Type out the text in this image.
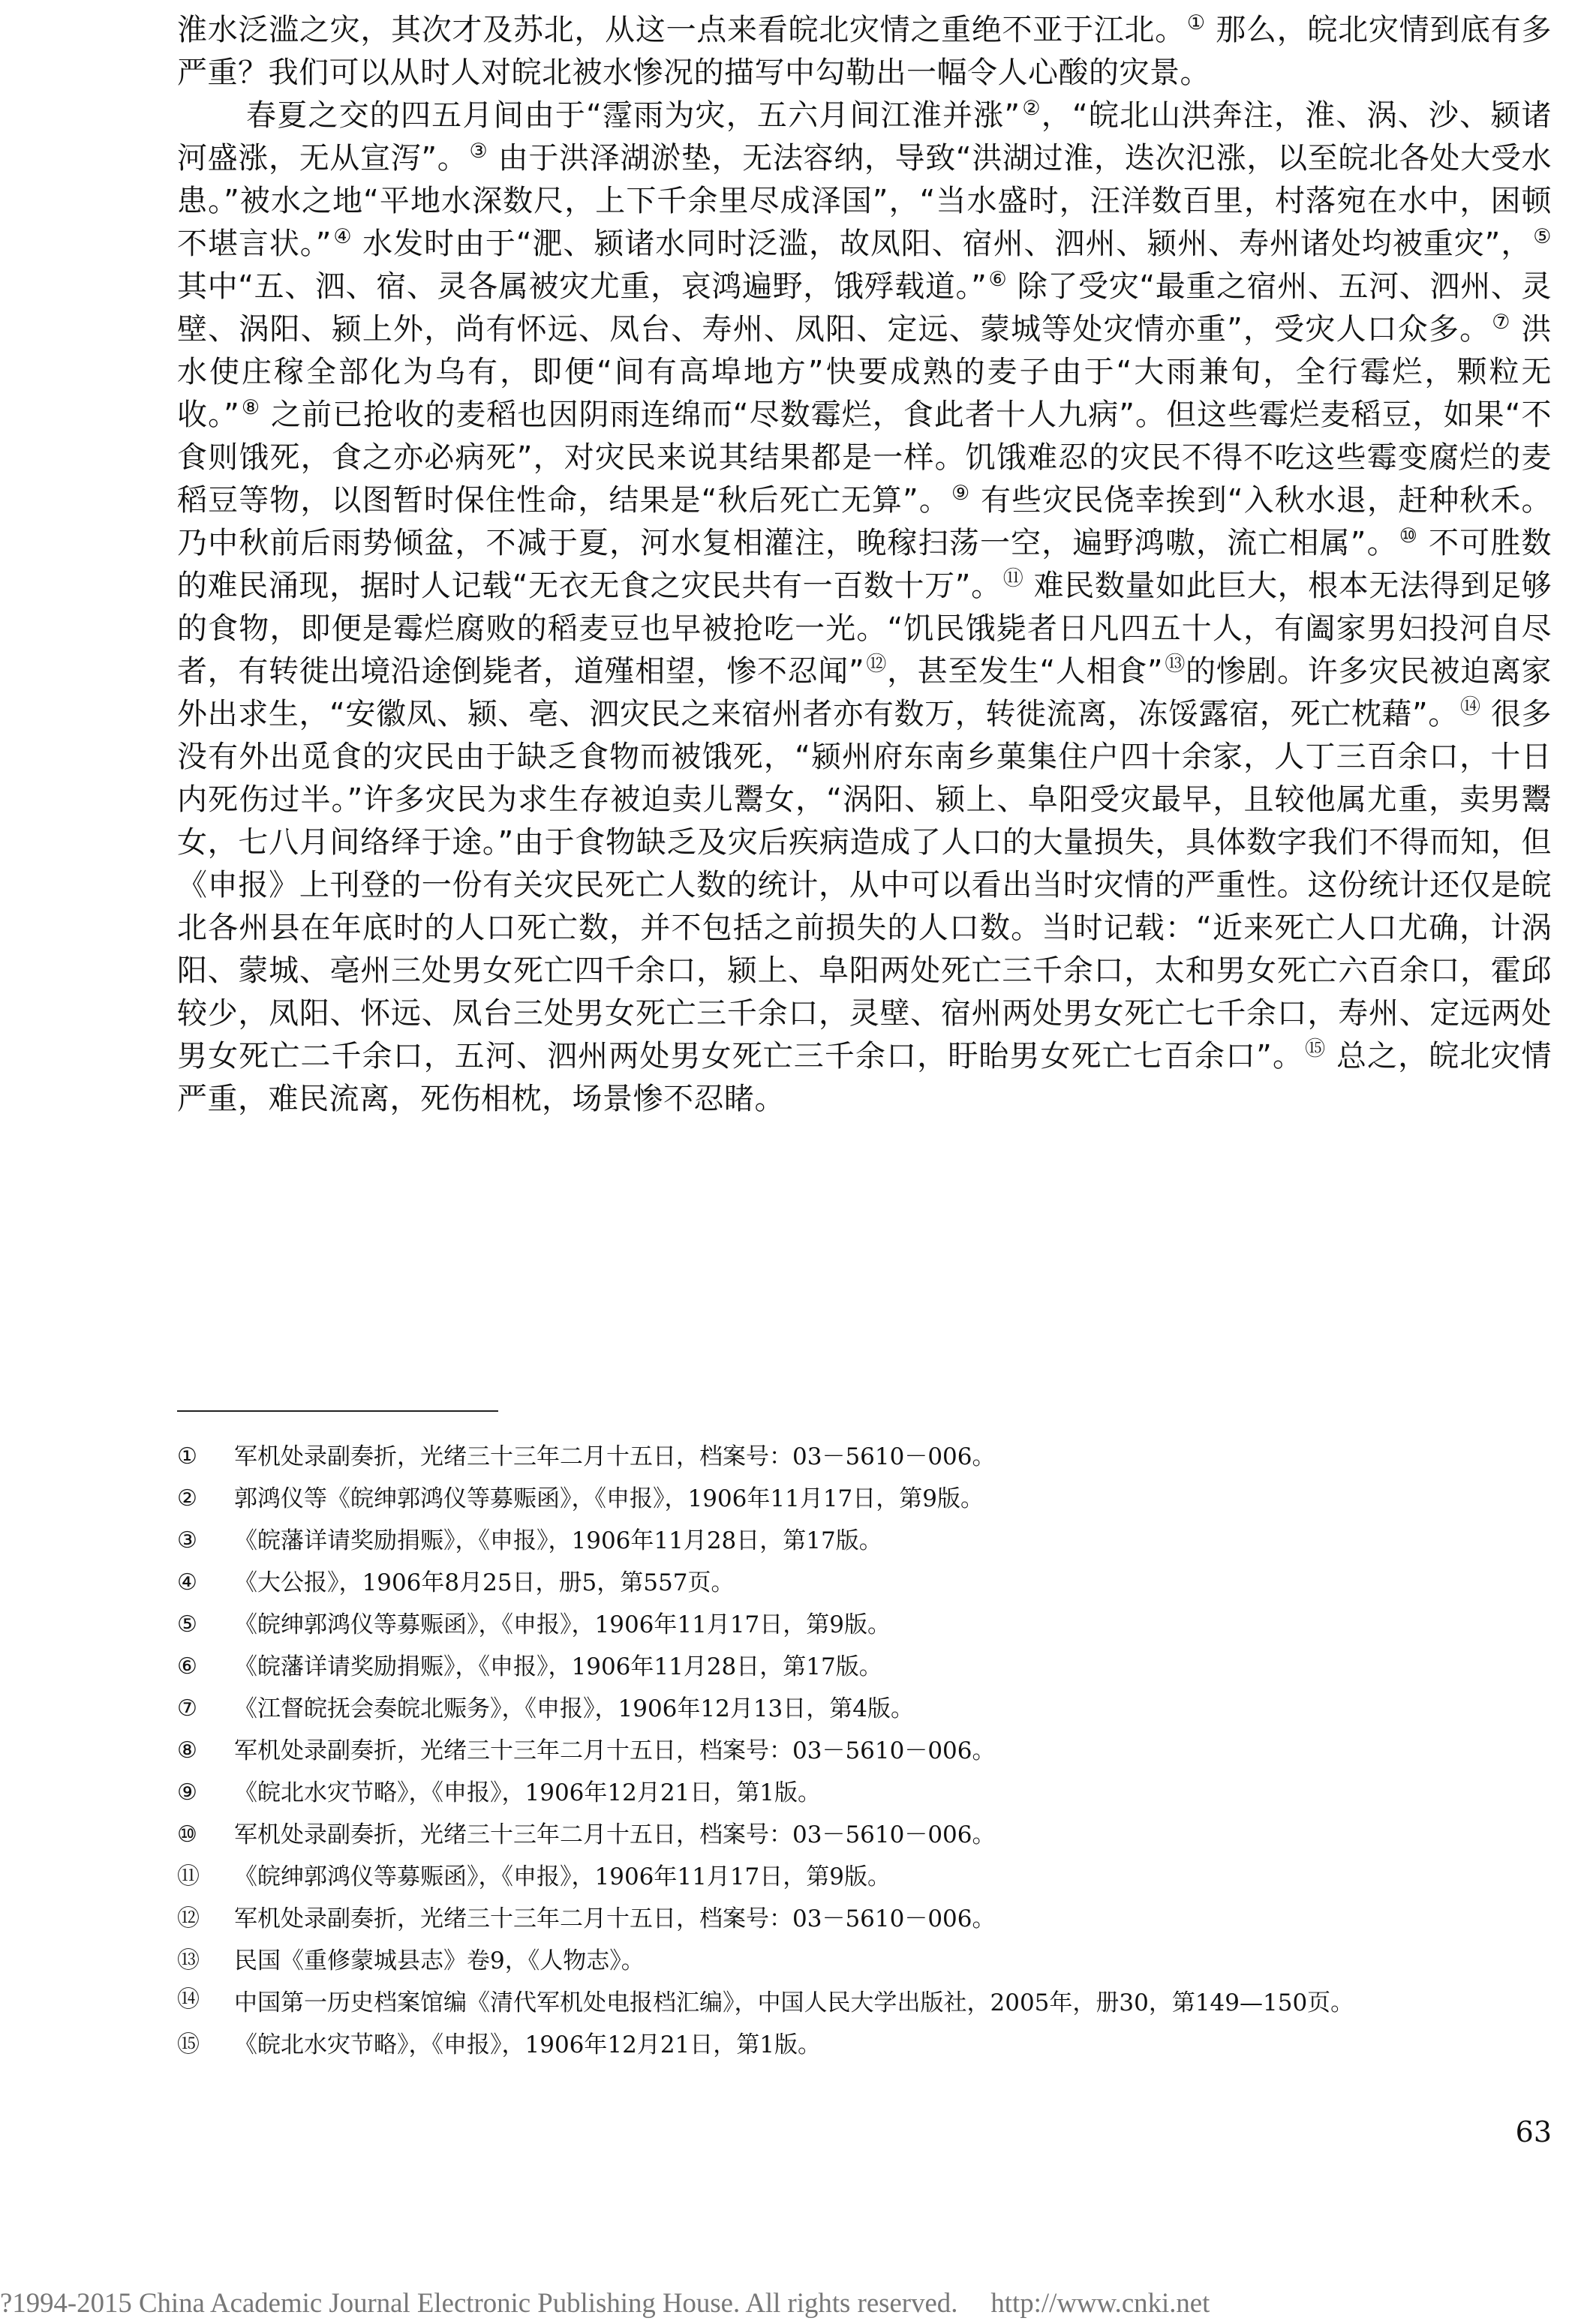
淮水泛滥之灾，其次才及苏北，从这一点来看皖北灾情之重绝不亚于江北。① 那么，皖北灾情到底有多严重？我们可以从时人对皖北被水惨况的描写中勾勒出一幅令人心酸的灾景。

春夏之交的四五月间由于“霪雨为灾，五六月间江淮并涨”②，“皖北山洪奔注，淮、涡、沙、颍诸河盛涨，无从宣泻”。③ 由于洪泽湖淤垫，无法容纳，导致“洪湖过淮，迭次氾涨，以至皖北各处大受水患。”被水之地“平地水深数尺，上下千余里尽成泽国”，“当水盛时，汪洋数百里，村落宛在水中，困顿不堪言状。”④ 水发时由于“淝、颍诸水同时泛滥，故凤阳、宿州、泗州、颍州、寿州诸处均被重灾”，⑤ 其中“五、泗、宿、灵各属被灾尤重，哀鸿遍野，饿殍载道。”⑥ 除了受灾“最重之宿州、五河、泗州、灵壁、涡阳、颍上外，尚有怀远、凤台、寿州、凤阳、定远、蒙城等处灾情亦重”，受灾人口众多。⑦ 洪水使庄稼全部化为乌有，即便“间有高埠地方”快要成熟的麦子由于“大雨兼旬，全行霉烂，颗粒无收。”⑧ 之前已抢收的麦稻也因阴雨连绵而“尽数霉烂，食此者十人九病”。但这些霉烂麦稻豆，如果“不食则饿死，食之亦必病死”，对灾民来说其结果都是一样。饥饿难忍的灾民不得不吃这些霉变腐烂的麦稻豆等物，以图暂时保住性命，结果是“秋后死亡无算”。⑨ 有些灾民侥幸挨到“入秋水退，赶种秋禾。乃中秋前后雨势倾盆，不减于夏，河水复相灌注，晚稼扫荡一空，遍野鸿嗷，流亡相属”。⑩ 不可胜数的难民涌现，据时人记载“无衣无食之灾民共有一百数十万”。⑪ 难民数量如此巨大，根本无法得到足够的食物，即便是霉烂腐败的稻麦豆也早被抢吃一光。“饥民饿毙者日凡四五十人，有阖家男妇投河自尽者，有转徙出境沿途倒毙者，道殣相望，惨不忍闻”⑫，甚至发生“人相食”⑬的惨剧。许多灾民被迫离家外出求生，“安徽凤、颍、亳、泗灾民之来宿州者亦有数万，转徙流离，冻馁露宿，死亡枕藉”。⑭ 很多没有外出觅食的灾民由于缺乏食物而被饿死，“颍州府东南乡菓集住户四十余家，人丁三百余口，十日内死伤过半。”许多灾民为求生存被迫卖儿鬻女，“涡阳、颍上、阜阳受灾最早，且较他属尤重，卖男鬻女，七八月间络绎于途。”由于食物缺乏及灾后疾病造成了人口的大量损失，具体数字我们不得而知，但《申报》上刊登的一份有关灾民死亡人数的统计，从中可以看出当时灾情的严重性。这份统计还仅是皖北各州县在年底时的人口死亡数，并不包括之前损失的人口数。当时记载：“近来死亡人口尤确，计涡阳、蒙城、亳州三处男女死亡四千余口，颍上、阜阳两处死亡三千余口，太和男女死亡六百余口，霍邱较少，凤阳、怀远、凤台三处男女死亡三千余口，灵壁、宿州两处男女死亡七千余口，寿州、定远两处男女死亡二千余口，五河、泗州两处男女死亡三千余口，盱眙男女死亡七百余口”。⑮ 总之，皖北灾情严重，难民流离，死伤相枕，场景惨不忍睹。

①	军机处录副奏折，光绪三十三年二月十五日，档案号：03－5610－006。
②	郭鸿仪等《皖绅郭鸿仪等募赈函》，《申报》，1906年11月17日，第9版。
③	《皖藩详请奖励捐赈》，《申报》，1906年11月28日，第17版。
④	《大公报》，1906年8月25日，册5，第557页。
⑤	《皖绅郭鸿仪等募赈函》，《申报》，1906年11月17日，第9版。
⑥	《皖藩详请奖励捐赈》，《申报》，1906年11月28日，第17版。
⑦	《江督皖抚会奏皖北赈务》，《申报》，1906年12月13日，第4版。
⑧	军机处录副奏折，光绪三十三年二月十五日，档案号：03－5610－006。
⑨	《皖北水灾节略》，《申报》，1906年12月21日，第1版。
⑩	军机处录副奏折，光绪三十三年二月十五日，档案号：03－5610－006。
⑪	《皖绅郭鸿仪等募赈函》，《申报》，1906年11月17日，第9版。
⑫	军机处录副奏折，光绪三十三年二月十五日，档案号：03－5610－006。
⑬	民国《重修蒙城县志》卷9，《人物志》。
⑭	中国第一历史档案馆编《清代军机处电报档汇编》，中国人民大学出版社，2005年，册30，第149—150页。
⑮	《皖北水灾节略》，《申报》，1906年12月21日，第1版。
63
?1994-2015 China Academic Journal Electronic Publishing House. All rights reserved. http://www.cnki.net
